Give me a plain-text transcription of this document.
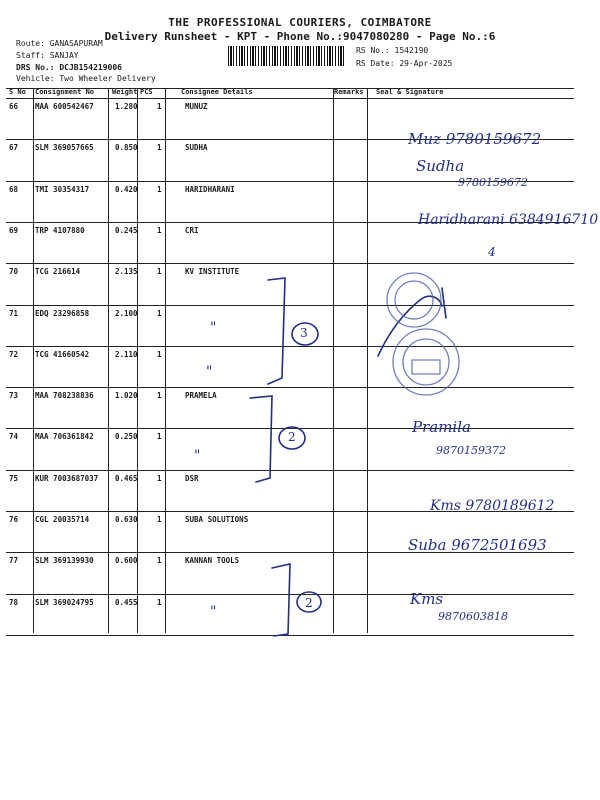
THE PROFESSIONAL COURIERS, COIMBATORE
Delivery Runsheet - KPT - Phone No.:9047080280 - Page No.:6
Route: GANASAPURAM
Staff: SANJAY
DRS No.: DCJB154219006
Vehicle: Two Wheeler Delivery
RS No.: 1542190
RS Date: 29-Apr-2025
S No Consignment No	Weight PCS	Consignee Details	Remarks Seal & Signature
66 MAA 600542467	1.280	1	MUNUZ
67 SLM 369057665	0.850	1	SUDHA
68 TMI 30354317	0.420	1	HARIDHARANI
69 TRP 4107880	0.245	1	CRI
70 TCG 216614	2.135	1	KV INSTITUTE
71 EDQ 23296858	2.100	1
72 TCG 41660542	2.110	1
73 MAA 708238836	1.020	1	PRAMELA
74 MAA 706361842	0.250	1
75 KUR 7003687037 0.465	1	DSR
76 CGL 20035714	0.630	1	SUBA SOLUTIONS
77 SLM 369139930	0.600	1	KANNAN TOOLS
78 SLM 369024795	0.455	1
Muz 9780159672
Sudha
9780159672
Haridharani 6384916710
4
Pramila
9870159372
Kms 9780189612
Suba 9672501693
Kms
9870603818
"
"
"
"
3
2
2
